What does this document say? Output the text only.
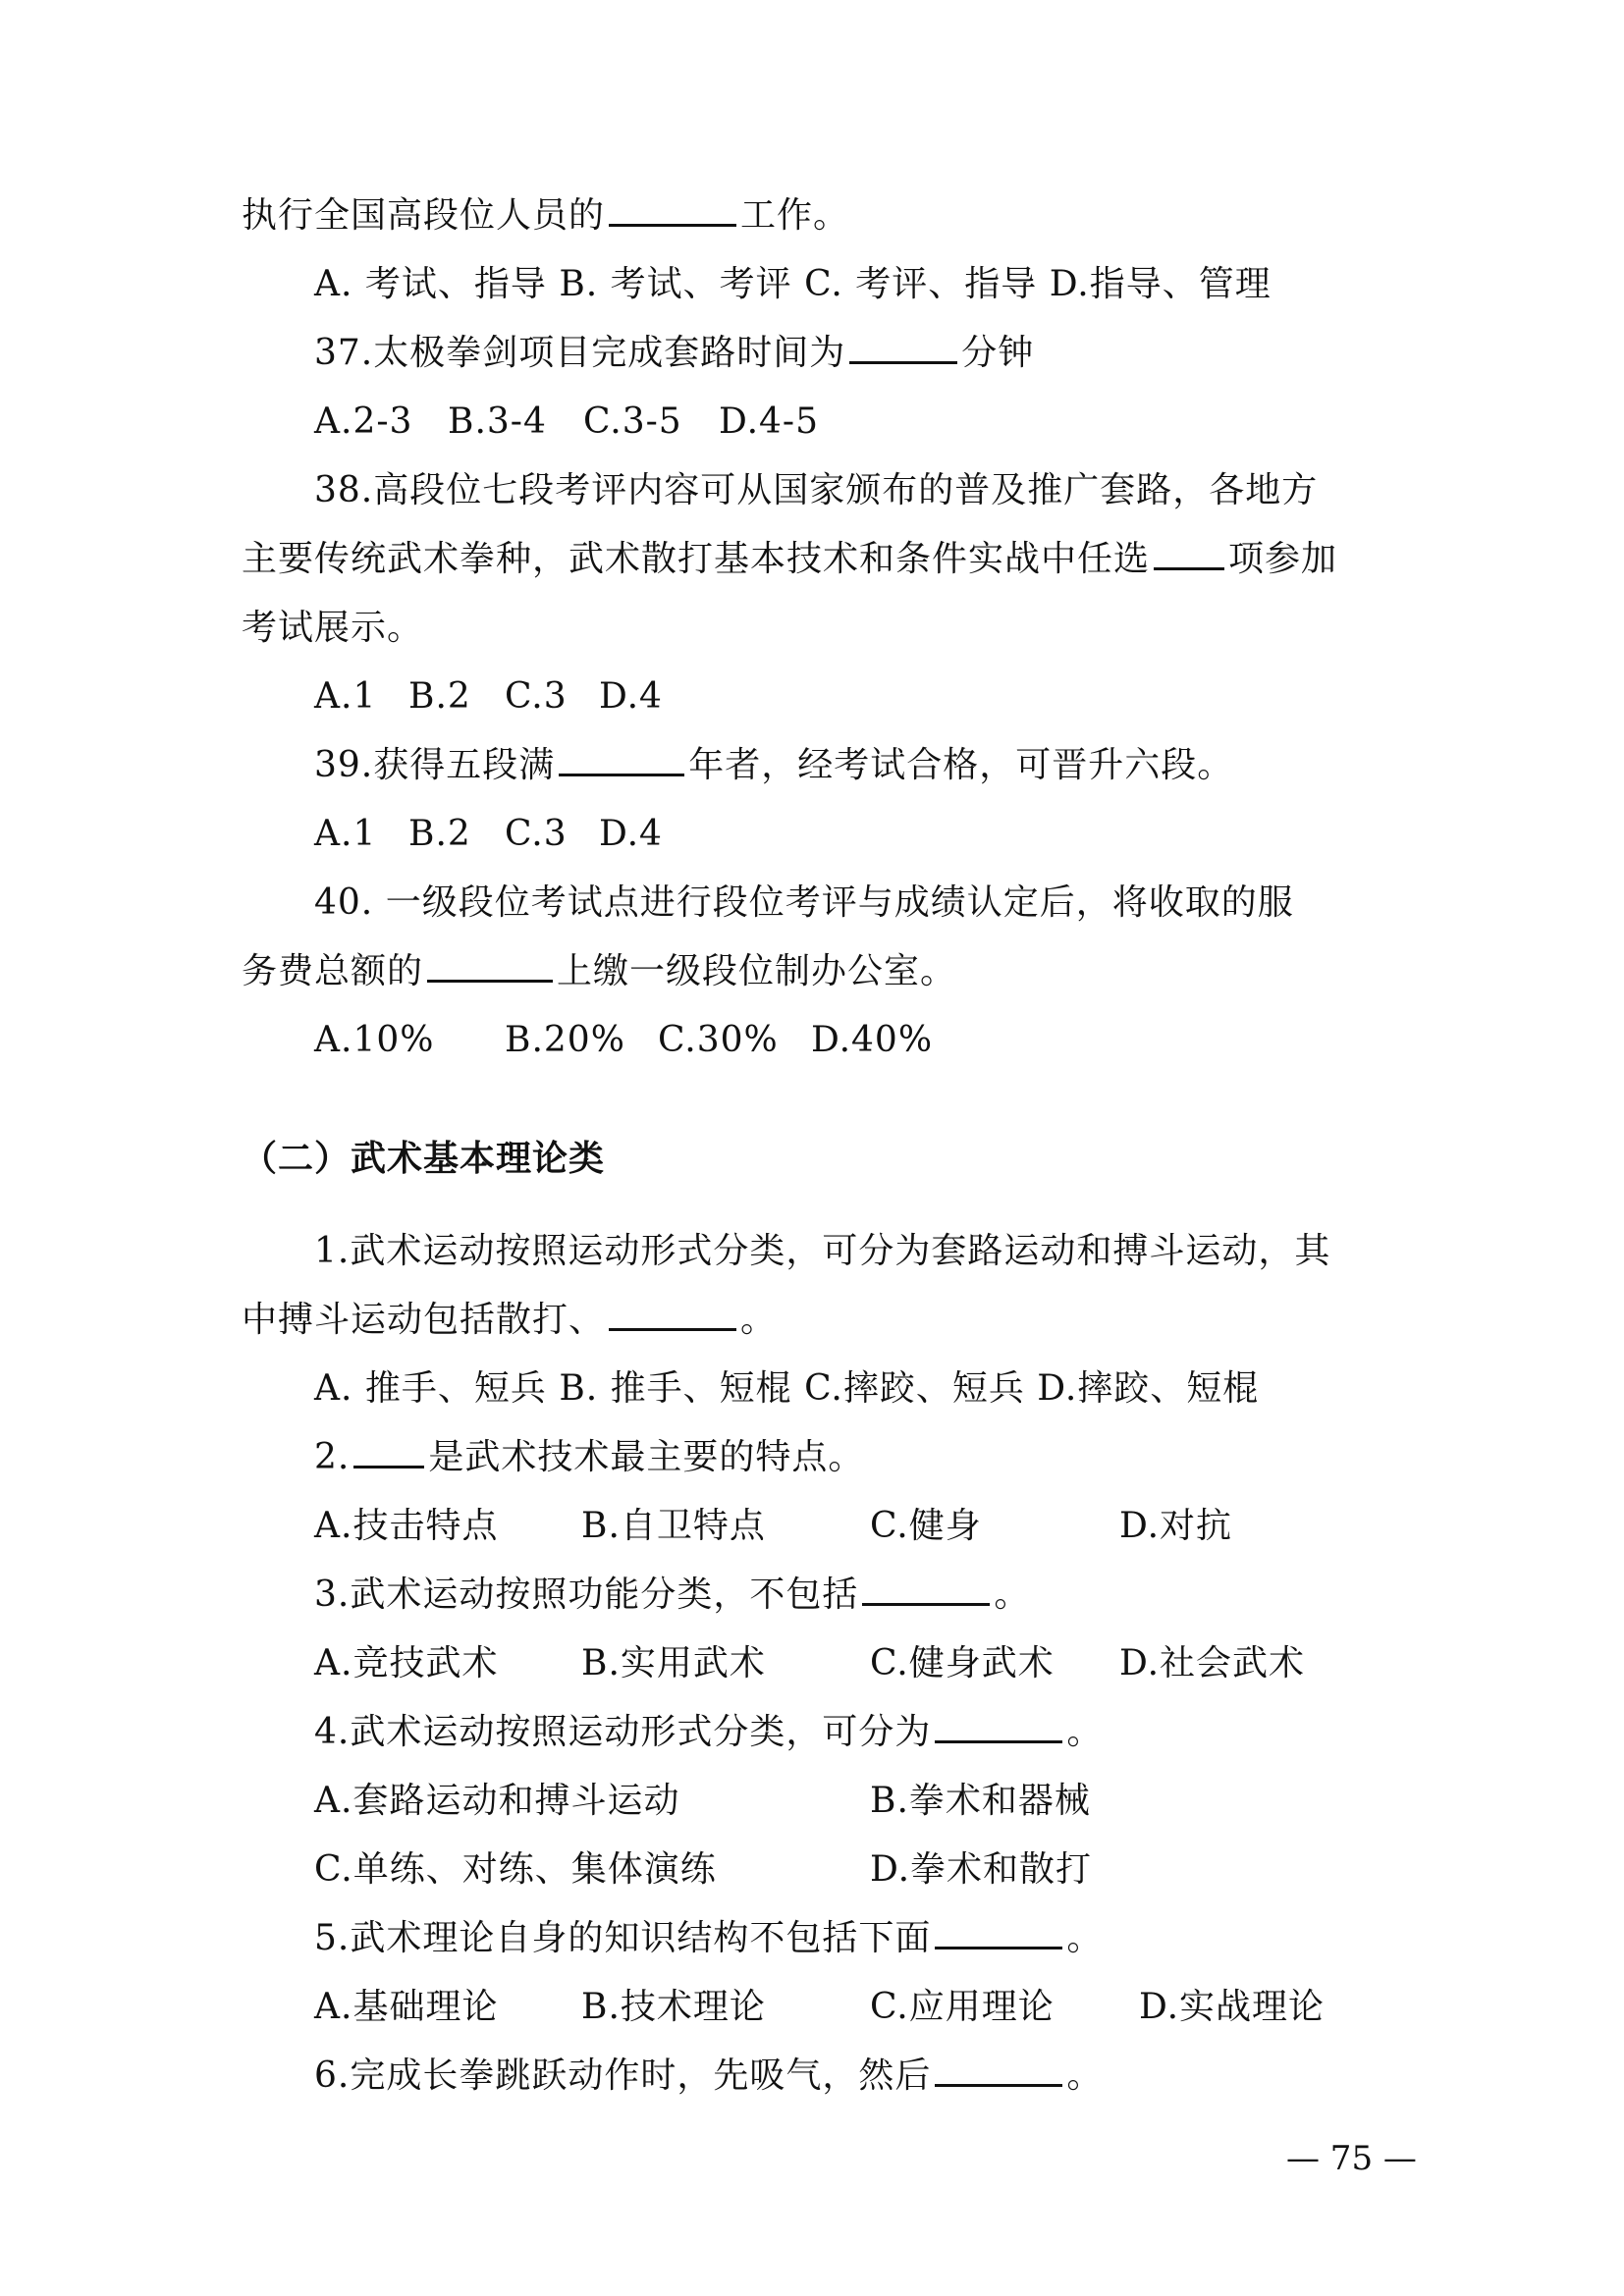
执行全国高段位人员的	工作。
A. 考试、指导 B. 考试、考评 C. 考评、指导 D.指导、管理
37.太极拳剑项目完成套路时间为	分钟
A.2-3 B.3-4 C.3-5 D.4-5
38.高段位七段考评内容可从国家颁布的普及推广套路，各地方
主要传统武术拳种，武术散打基本技术和条件实战中任选 项参加
考试展示。
A.1 B.2 C.3 D.4
39.获得五段满	年者，经考试合格，可晋升六段。
A.1 B.2 C.3 D.4
40. 一级段位考试点进行段位考评与成绩认定后，将收取的服
务费总额的	上缴一级段位制办公室。
A.10% B.20% C.30% D.40%
（二）武术基本理论类
1.武术运动按照运动形式分类，可分为套路运动和搏斗运动，其
中搏斗运动包括散打、	。
A. 推手、短兵 B. 推手、短棍 C.摔跤、短兵 D.摔跤、短棍
2. 是武术技术最主要的特点。
A.技击特点 B.自卫特点	C.健身	D.对抗
3.武术运动按照功能分类，不包括	。
A.竞技武术 B.实用武术	C.健身武术 D.社会武术
4.武术运动按照运动形式分类，可分为	。
A.套路运动和搏斗运动	B.拳术和器械
C.单练、对练、集体演练	D.拳术和散打
5.武术理论自身的知识结构不包括下面	。
A.基础理论 B.技术理论	C.应用理论 D.实战理论
6.完成长拳跳跃动作时，先吸气，然后	。
— 75 —
